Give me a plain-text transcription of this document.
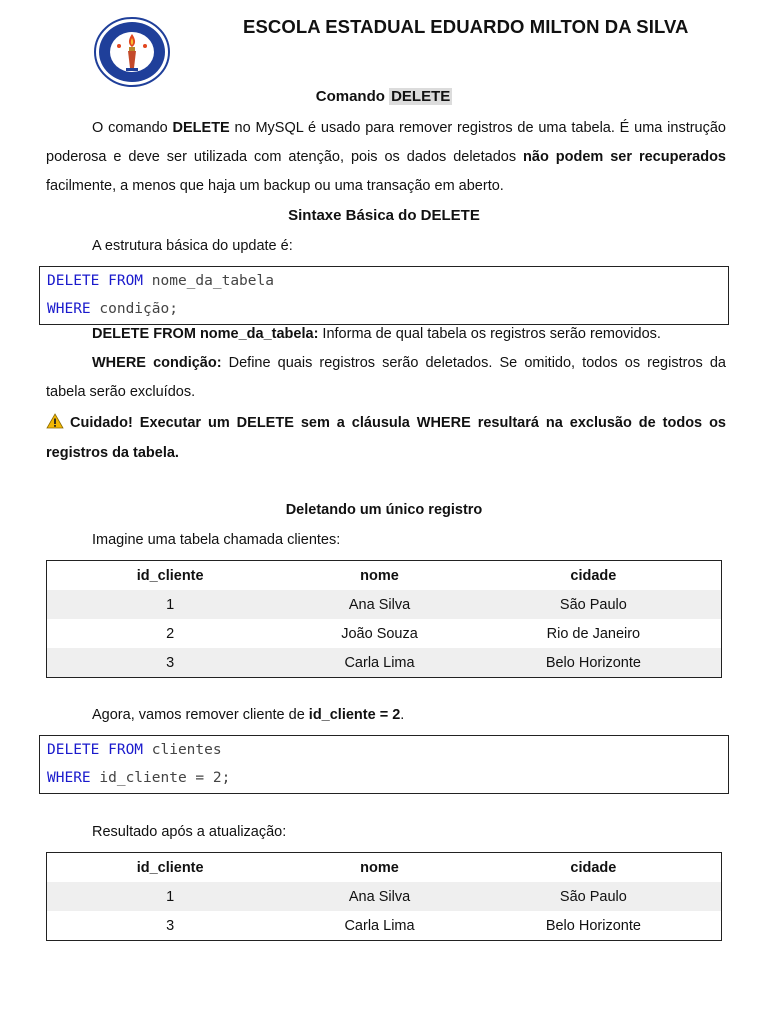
ESCOLA ESTADUAL EDUARDO MILTON DA SILVA
Comando DELETE
O comando DELETE no MySQL é usado para remover registros de uma tabela. É uma instrução poderosa e deve ser utilizada com atenção, pois os dados deletados não podem ser recuperados facilmente, a menos que haja um backup ou uma transação em aberto.
Sintaxe Básica do DELETE
A estrutura básica do update é:
DELETE FROM nome_da_tabela
WHERE condição;
DELETE FROM nome_da_tabela: Informa de qual tabela os registros serão removidos.
WHERE condição: Define quais registros serão deletados. Se omitido, todos os registros da tabela serão excluídos.
Cuidado! Executar um DELETE sem a cláusula WHERE resultará na exclusão de todos os registros da tabela.
Deletando um único registro
Imagine uma tabela chamada clientes:
id_cliente	nome	cidade
1	Ana Silva	São Paulo
2	João Souza	Rio de Janeiro
3	Carla Lima	Belo Horizonte
Agora, vamos remover cliente de id_cliente = 2.
DELETE FROM clientes
WHERE id_cliente = 2;
Resultado após a atualização:
id_cliente	nome	cidade
1	Ana Silva	São Paulo
3	Carla Lima	Belo Horizonte
